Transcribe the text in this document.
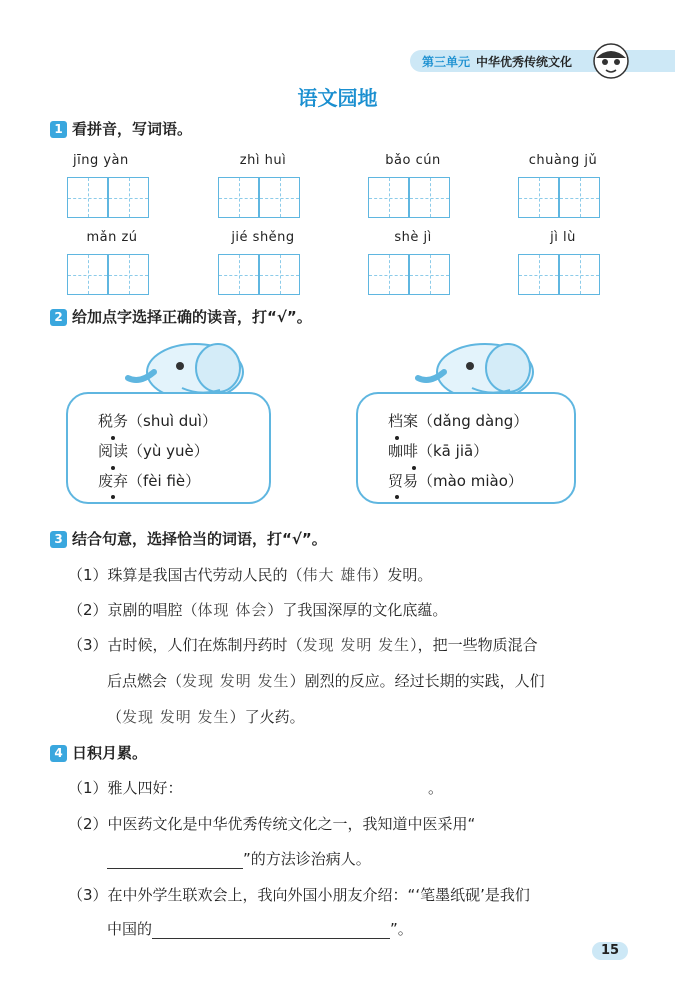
第三单元 中华优秀传统文化
语文园地
1 看拼音，写词语。
jīng yàn	zhì huì	bǎo cún	chuàng jǔ
mǎn zú	jié shěng	shè jì	jì lù
2 给加点字选择正确的读音，打“√”。
税务（shuì duì）
阅读（yù yuè）
废弃（fèi fiè）
档案（dǎng dàng）
咖啡（kā jiā）
贸易（mào miào）
3 结合句意，选择恰当的词语，打“√”。
（1）珠算是我国古代劳动人民的（伟大 雄伟）发明。
（2）京剧的唱腔（体现 体会）了我国深厚的文化底蕴。
（3）古时候，人们在炼制丹药时（发现 发明 发生），把一些物质混合
后点燃会（发现 发明 发生）剧烈的反应。经过长期的实践，人们
（发现 发明 发生）了火药。
4 日积月累。
（1）雅人四好：	。
（2）中医药文化是中华优秀传统文化之一，我知道中医采用“
”的方法诊治病人。
（3）在中外学生联欢会上，我向外国小朋友介绍：“‘笔墨纸砚’是我们
中国的	”。
15
